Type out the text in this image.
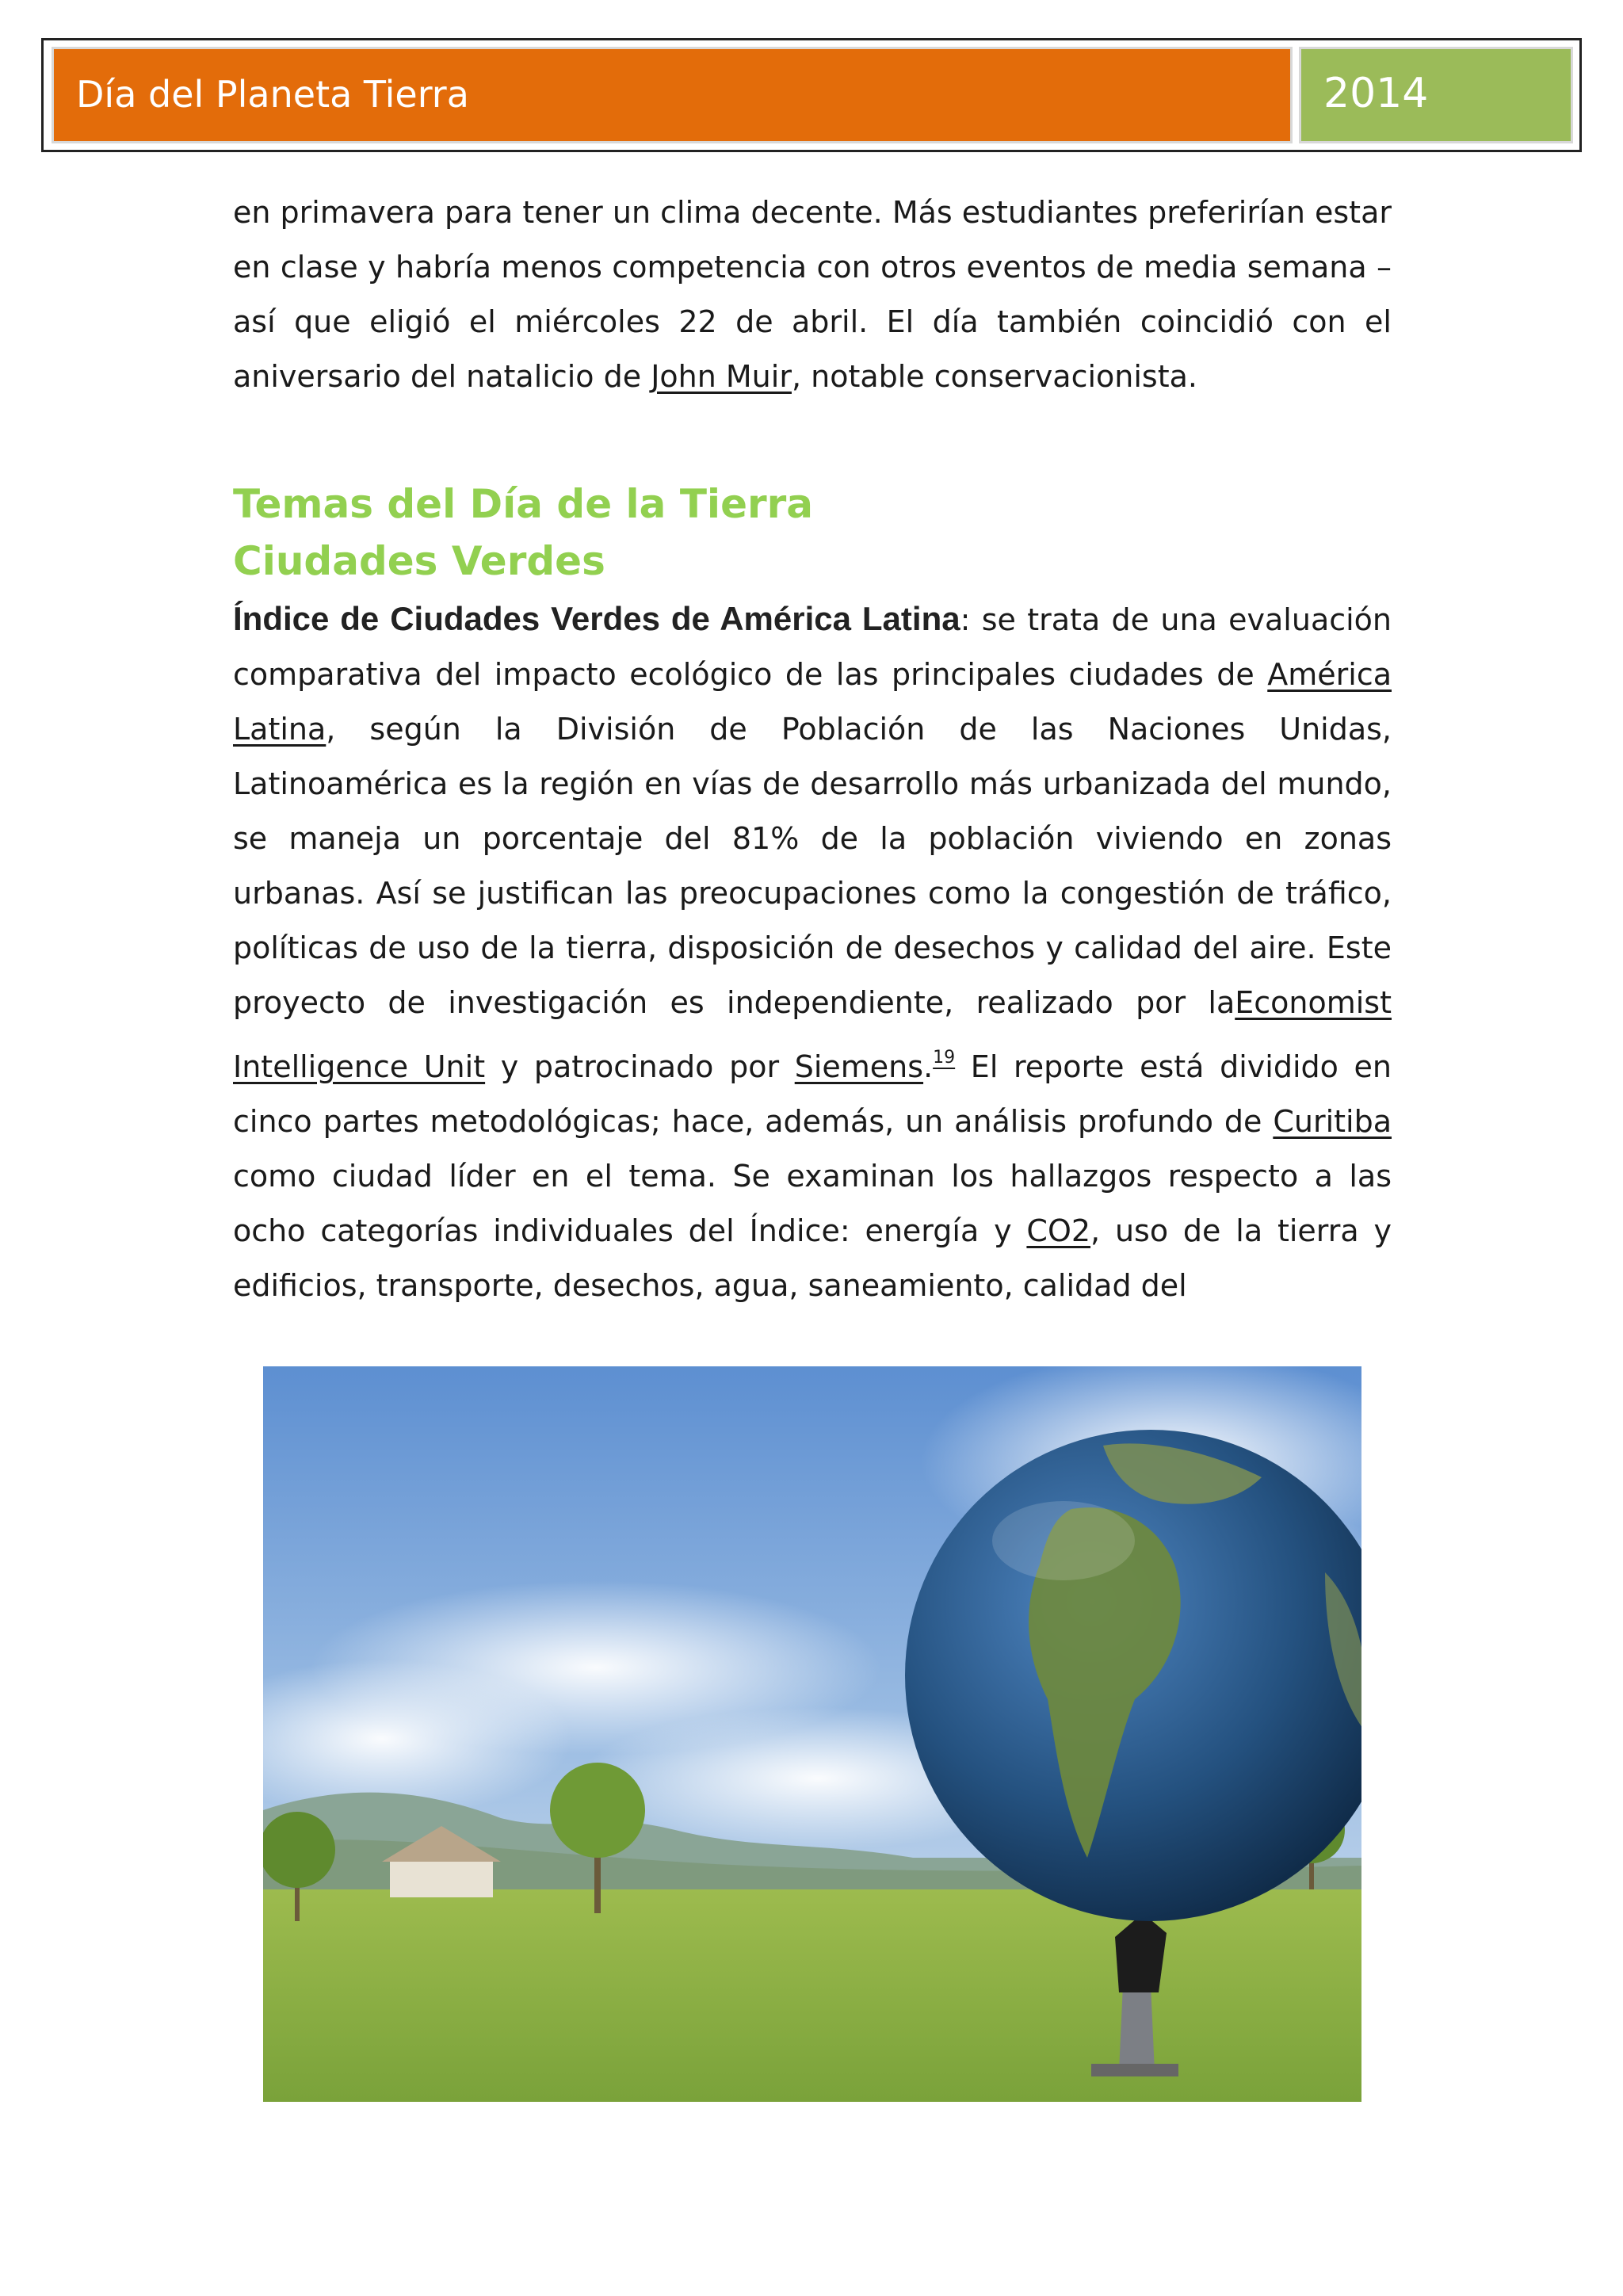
Día del Planeta Tierra	2014

en primavera para tener un clima decente. Más estudiantes preferirían estar en clase y habría menos competencia con otros eventos de media semana – así que eligió el miércoles 22 de abril. El día también coincidió con el aniversario del natalicio de John Muir, notable conservacionista.

Temas del Día de la Tierra
Ciudades Verdes

Índice de Ciudades Verdes de América Latina: se trata de una evaluación comparativa del impacto ecológico de las principales ciudades de América Latina, según la División de Población de las Naciones Unidas, Latinoamérica es la región en vías de desarrollo más urbanizada del mundo, se maneja un porcentaje del 81% de la población viviendo en zonas urbanas. Así se justifican las preocupaciones como la congestión de tráfico, políticas de uso de la tierra, disposición de desechos y calidad del aire. Este proyecto de investigación es independiente, realizado por laEconomist Intelligence Unit y patrocinado por Siemens.$^{19}$ El reporte está dividido en cinco partes metodológicas; hace, además, un análisis profundo de Curitiba como ciudad líder en el tema. Se examinan los hallazgos respecto a las ocho categorías individuales del Índice: energía y CO2, uso de la tierra y edificios, transporte, desechos, agua, saneamiento, calidad del
